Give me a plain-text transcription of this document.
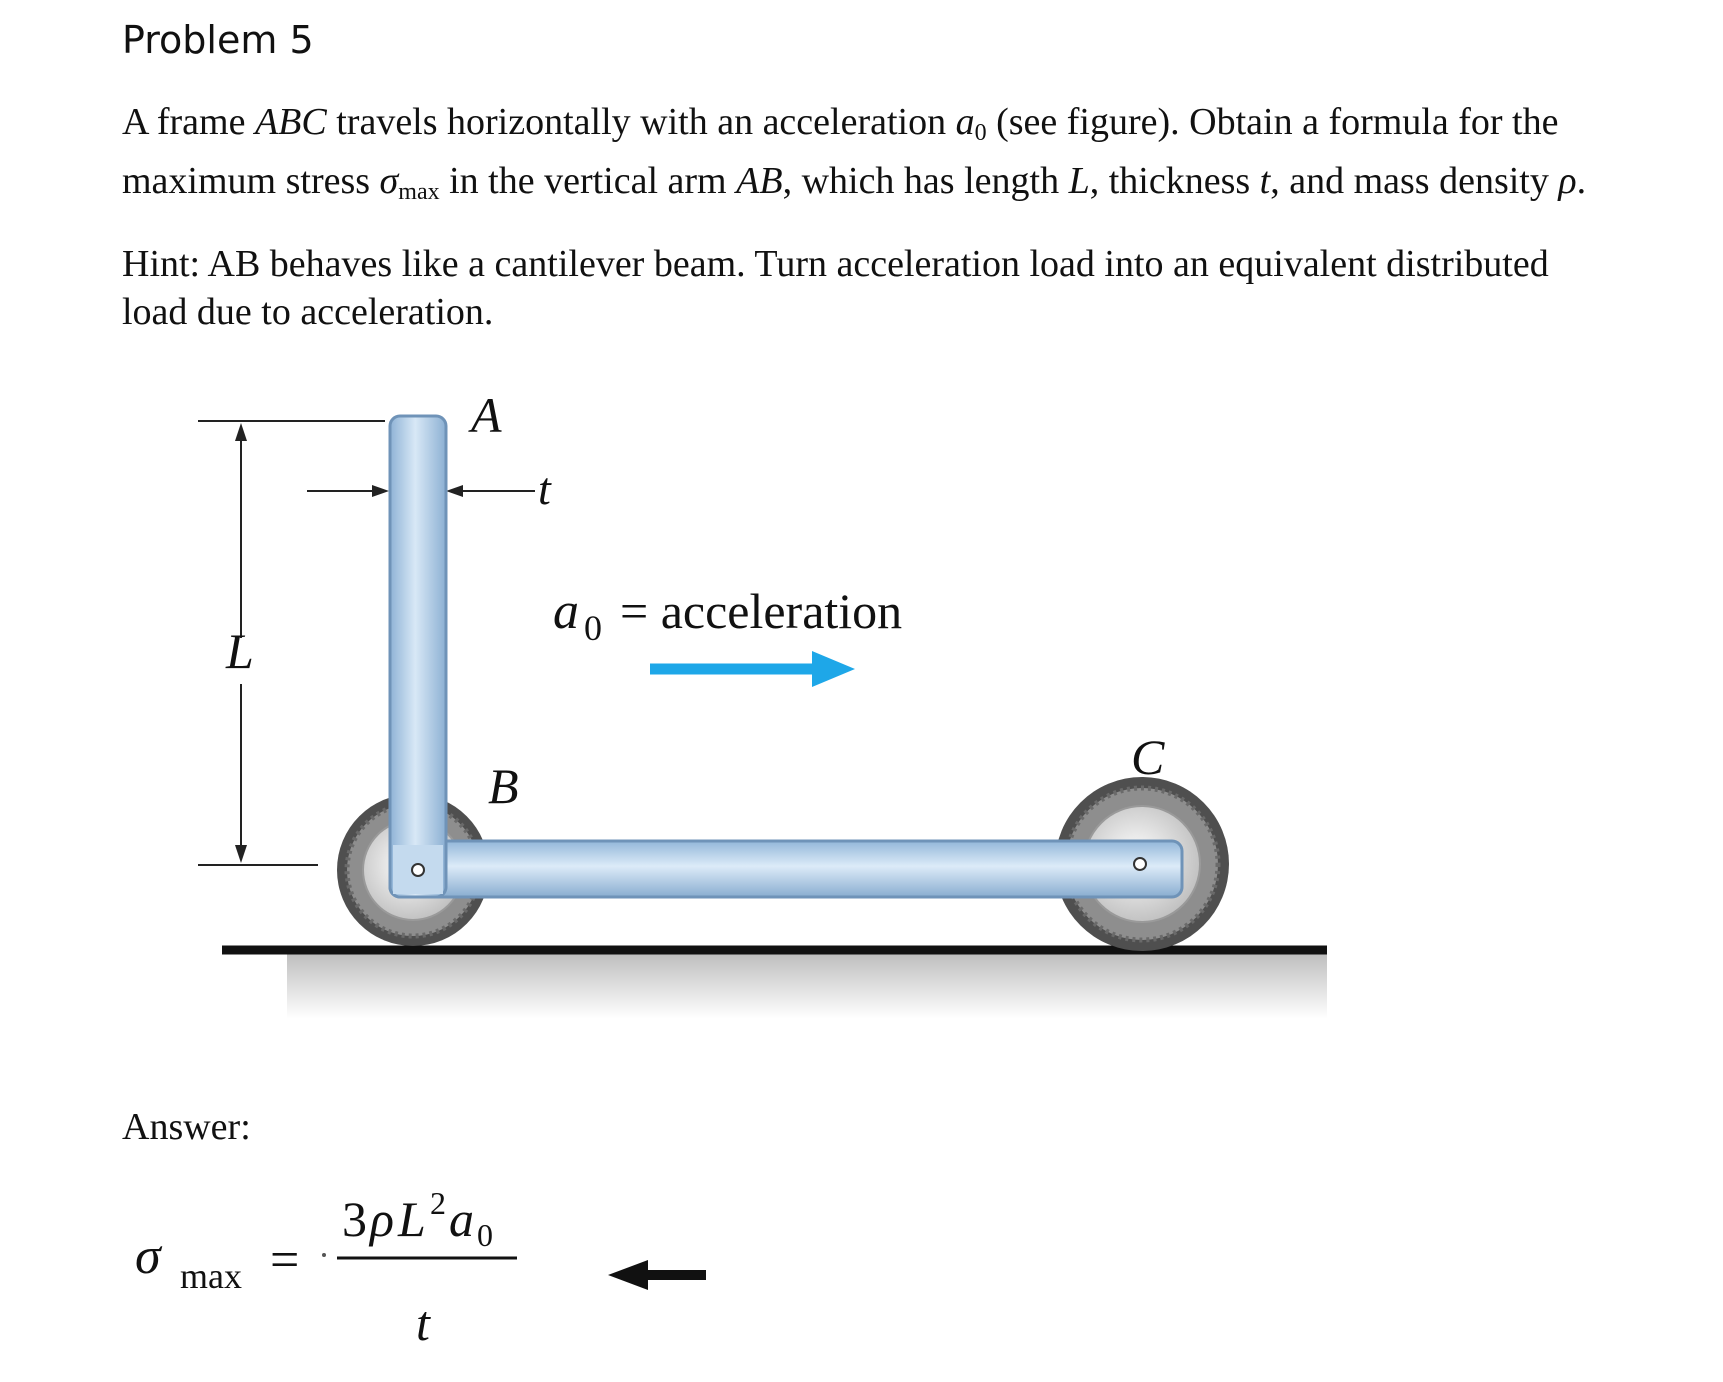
Problem 5
A frame ABC travels horizontally with an acceleration $a_0$ (see figure). Obtain a formula for the
maximum stress $\sigma_{max}$ in the vertical arm AB, which has length L, thickness t, and mass density ρ.
Hint: AB behaves like a cantilever beam. Turn acceleration load into an equivalent distributed
load due to acceleration.
L
t
A
B
C
a 0 = acceleration
σ max =
3 ρ L 2 a 0
t
Answer:
